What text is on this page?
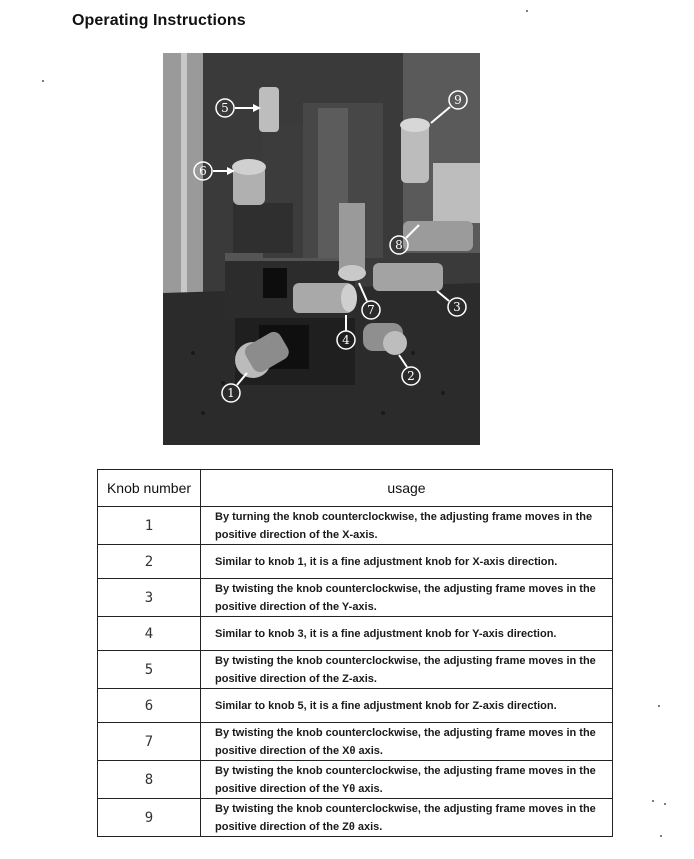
Operating Instructions
5
6
9
8
3
7
4
2
1
Knob number	usage
1	By turning the knob counterclockwise, the adjusting frame moves in the positive direction of the X-axis.
2	Similar to knob 1, it is a fine adjustment knob for X-axis direction.
3	By twisting the knob counterclockwise, the adjusting frame moves in the positive direction of the Y-axis.
4	Similar to knob 3, it is a fine adjustment knob for Y-axis direction.
5	By twisting the knob counterclockwise, the adjusting frame moves in the positive direction of the Z-axis.
6	Similar to knob 5, it is a fine adjustment knob for Z-axis direction.
7	By twisting the knob counterclockwise, the adjusting frame moves in the positive direction of the Xθ axis.
8	By twisting the knob counterclockwise, the adjusting frame moves in the positive direction of the Yθ axis.
9	By twisting the knob counterclockwise, the adjusting frame moves in the positive direction of the Zθ axis.
